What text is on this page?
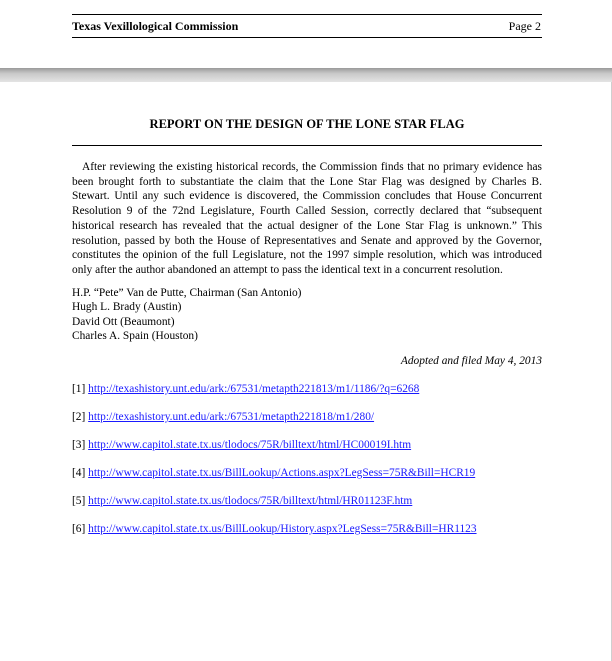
Texas Vexillological Commission	Page 2
REPORT ON THE DESIGN OF THE LONE STAR FLAG

After reviewing the existing historical records, the Commission finds that no primary evidence has been brought forth to substantiate the claim that the Lone Star Flag was designed by Charles B. Stewart. Until any such evidence is discovered, the Commission concludes that House Concurrent Resolution 9 of the 72nd Legislature, Fourth Called Session, correctly declared that “subsequent historical research has revealed that the actual designer of the Lone Star Flag is unknown.” This resolution, passed by both the House of Representatives and Senate and approved by the Governor, constitutes the opinion of the full Legislature, not the 1997 simple resolution, which was introduced only after the author abandoned an attempt to pass the identical text in a concurrent resolution.

H.P. “Pete” Van de Putte, Chairman (San Antonio)
Hugh L. Brady (Austin)
David Ott (Beaumont)
Charles A. Spain (Houston)
Adopted and filed May 4, 2013
[1] http://texashistory.unt.edu/ark:/67531/metapth221813/m1/1186/?q=6268
[2] http://texashistory.unt.edu/ark:/67531/metapth221818/m1/280/
[3] http://www.capitol.state.tx.us/tlodocs/75R/billtext/html/HC00019I.htm
[4] http://www.capitol.state.tx.us/BillLookup/Actions.aspx?LegSess=75R&Bill=HCR19
[5] http://www.capitol.state.tx.us/tlodocs/75R/billtext/html/HR01123F.htm
[6] http://www.capitol.state.tx.us/BillLookup/History.aspx?LegSess=75R&Bill=HR1123
